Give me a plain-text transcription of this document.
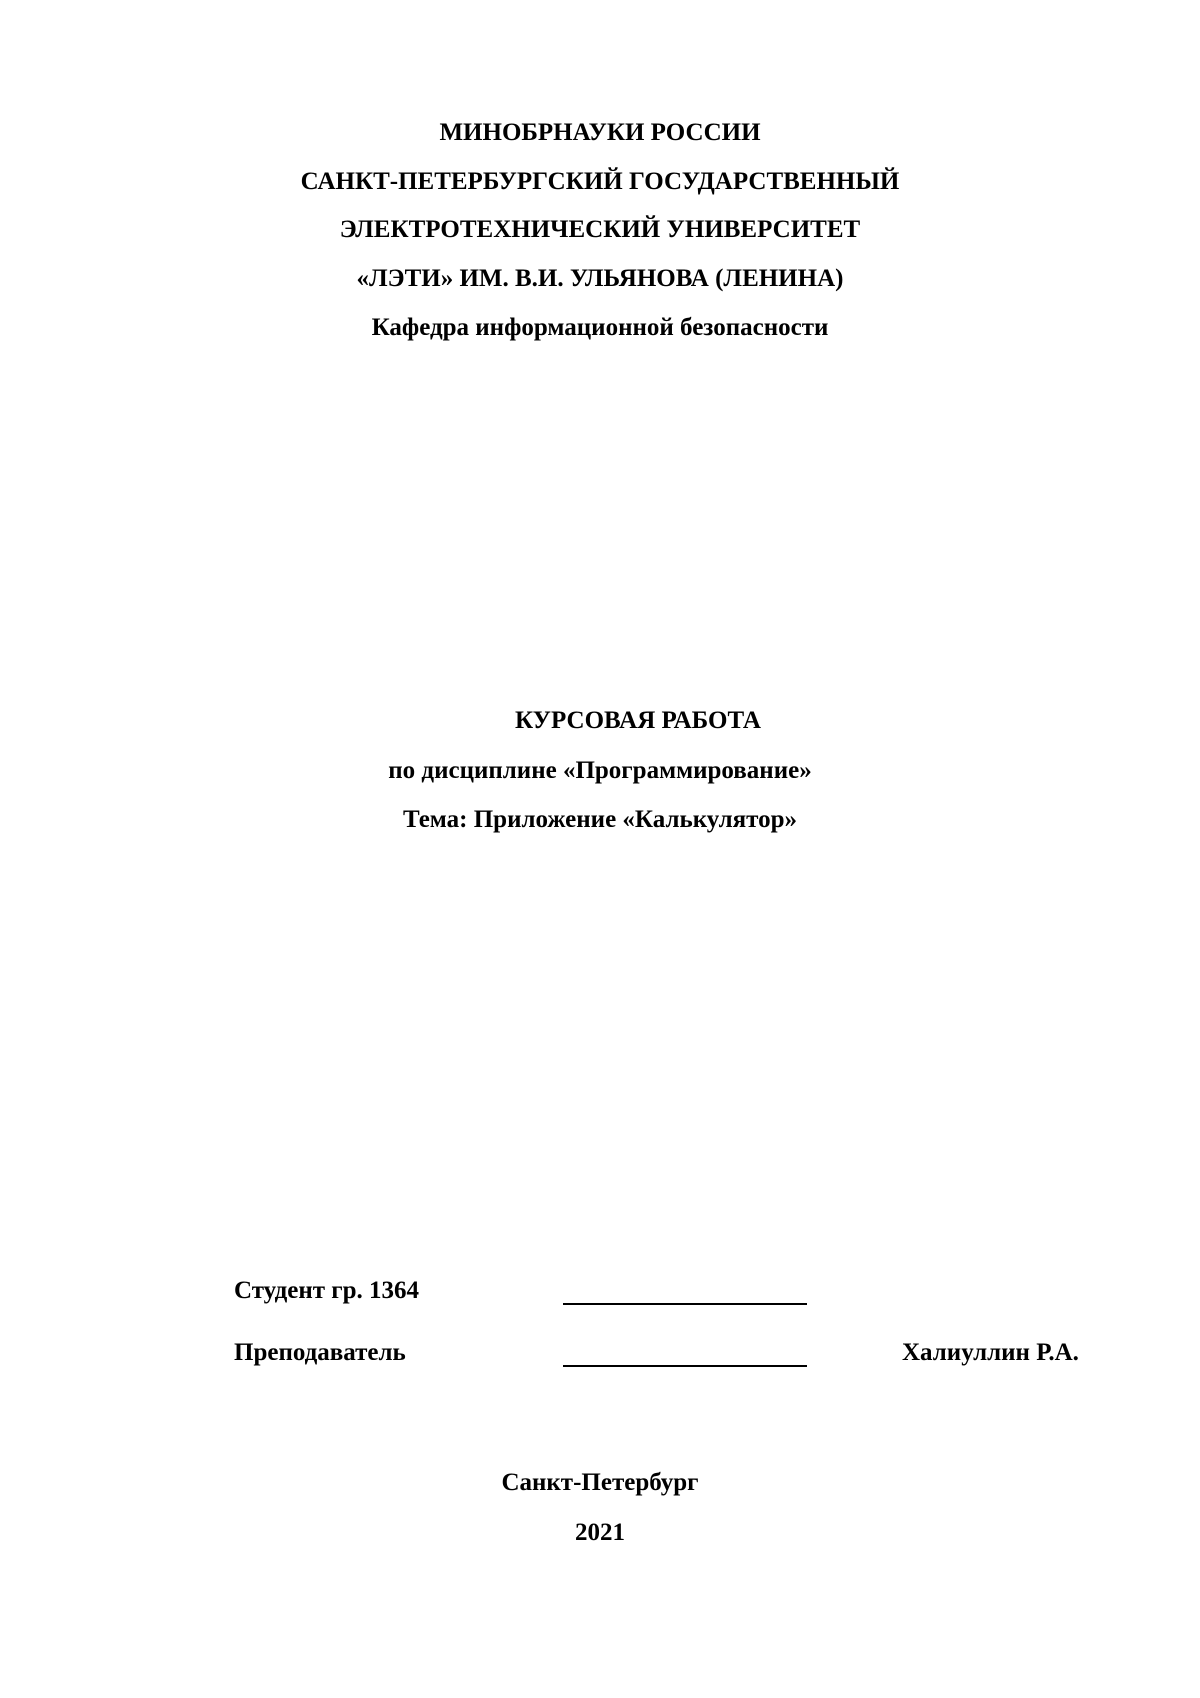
МИНОБРНАУКИ РОССИИ
САНКТ-ПЕТЕРБУРГСКИЙ ГОСУДАРСТВЕННЫЙ
ЭЛЕКТРОТЕХНИЧЕСКИЙ УНИВЕРСИТЕТ
«ЛЭТИ» ИМ. В.И. УЛЬЯНОВА (ЛЕНИНА)
Кафедра информационной безопасности
КУРСОВАЯ РАБОТА
по дисциплине «Программирование»
Тема: Приложение «Калькулятор»
Студент гр. 1364
Преподаватель	Халиуллин Р.А.
Санкт-Петербург
2021
